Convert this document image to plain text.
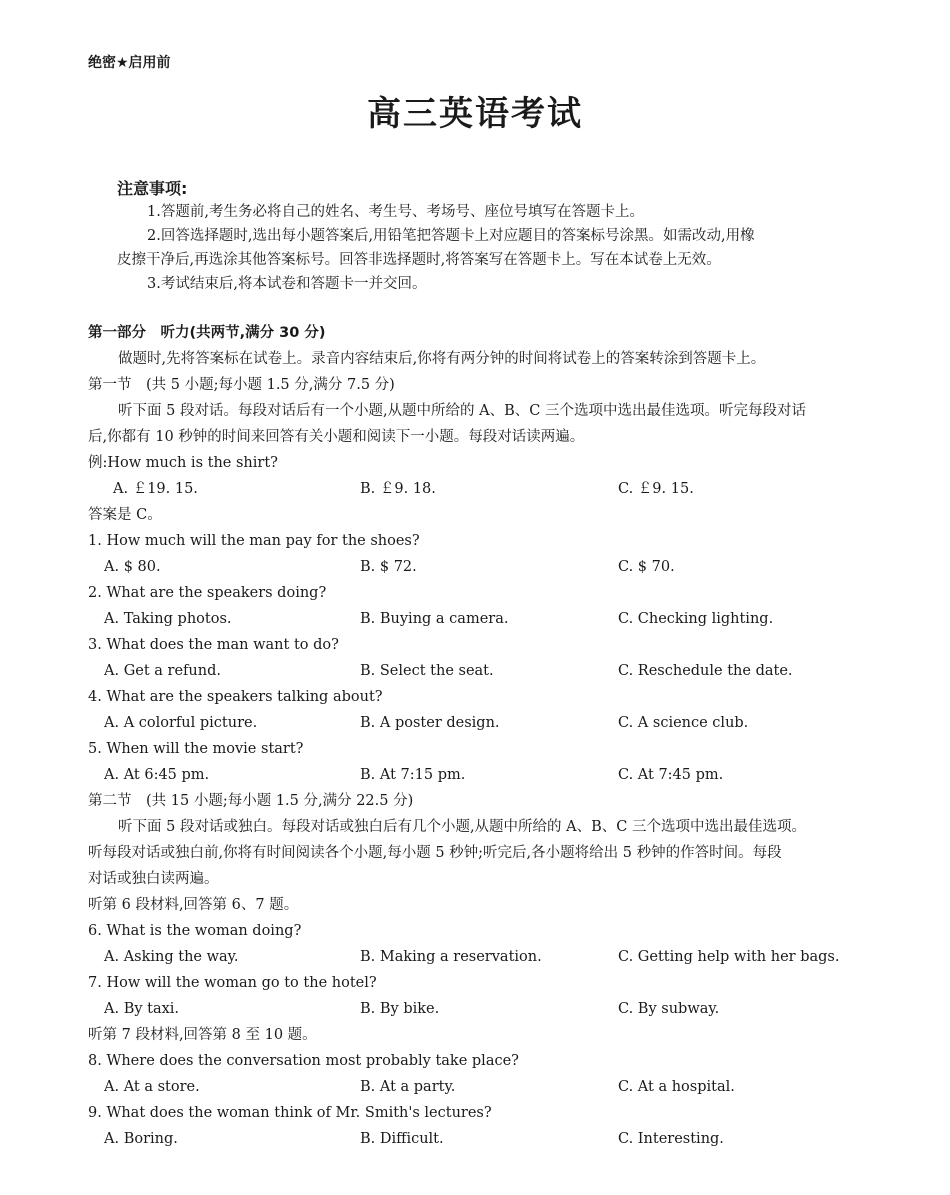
绝密★启用前
高三英语考试
注意事项:
1.答题前,考生务必将自己的姓名、考生号、考场号、座位号填写在答题卡上。
2.回答选择题时,选出每小题答案后,用铅笔把答题卡上对应题目的答案标号涂黑。如需改动,用橡
皮擦干净后,再选涂其他答案标号。回答非选择题时,将答案写在答题卡上。写在本试卷上无效。
3.考试结束后,将本试卷和答题卡一并交回。
第一部分　听力(共两节,满分 30 分)
做题时,先将答案标在试卷上。录音内容结束后,你将有两分钟的时间将试卷上的答案转涂到答题卡上。
第一节　(共 5 小题;每小题 1.5 分,满分 7.5 分)
听下面 5 段对话。每段对话后有一个小题,从题中所给的 A、B、C 三个选项中选出最佳选项。听完每段对话
后,你都有 10 秒钟的时间来回答有关小题和阅读下一小题。每段对话读两遍。
例:How much is the shirt?
A. ￡19. 15.	B. ￡9. 18.	C. ￡9. 15.
答案是 C。
1. How much will the man pay for the shoes?
A. $ 80.	B. $ 72.	C. $ 70.
2. What are the speakers doing?
A. Taking photos.	B. Buying a camera.	C. Checking lighting.
3. What does the man want to do?
A. Get a refund.	B. Select the seat.	C. Reschedule the date.
4. What are the speakers talking about?
A. A colorful picture.	B. A poster design.	C. A science club.
5. When will the movie start?
A. At 6:45 pm.	B. At 7:15 pm.	C. At 7:45 pm.
第二节　(共 15 小题;每小题 1.5 分,满分 22.5 分)
听下面 5 段对话或独白。每段对话或独白后有几个小题,从题中所给的 A、B、C 三个选项中选出最佳选项。
听每段对话或独白前,你将有时间阅读各个小题,每小题 5 秒钟;听完后,各小题将给出 5 秒钟的作答时间。每段
对话或独白读两遍。
听第 6 段材料,回答第 6、7 题。
6. What is the woman doing?
A. Asking the way.	B. Making a reservation.	C. Getting help with her bags.
7. How will the woman go to the hotel?
A. By taxi.	B. By bike.	C. By subway.
听第 7 段材料,回答第 8 至 10 题。
8. Where does the conversation most probably take place?
A. At a store.	B. At a party.	C. At a hospital.
9. What does the woman think of Mr. Smith's lectures?
A. Boring.	B. Difficult.	C. Interesting.
